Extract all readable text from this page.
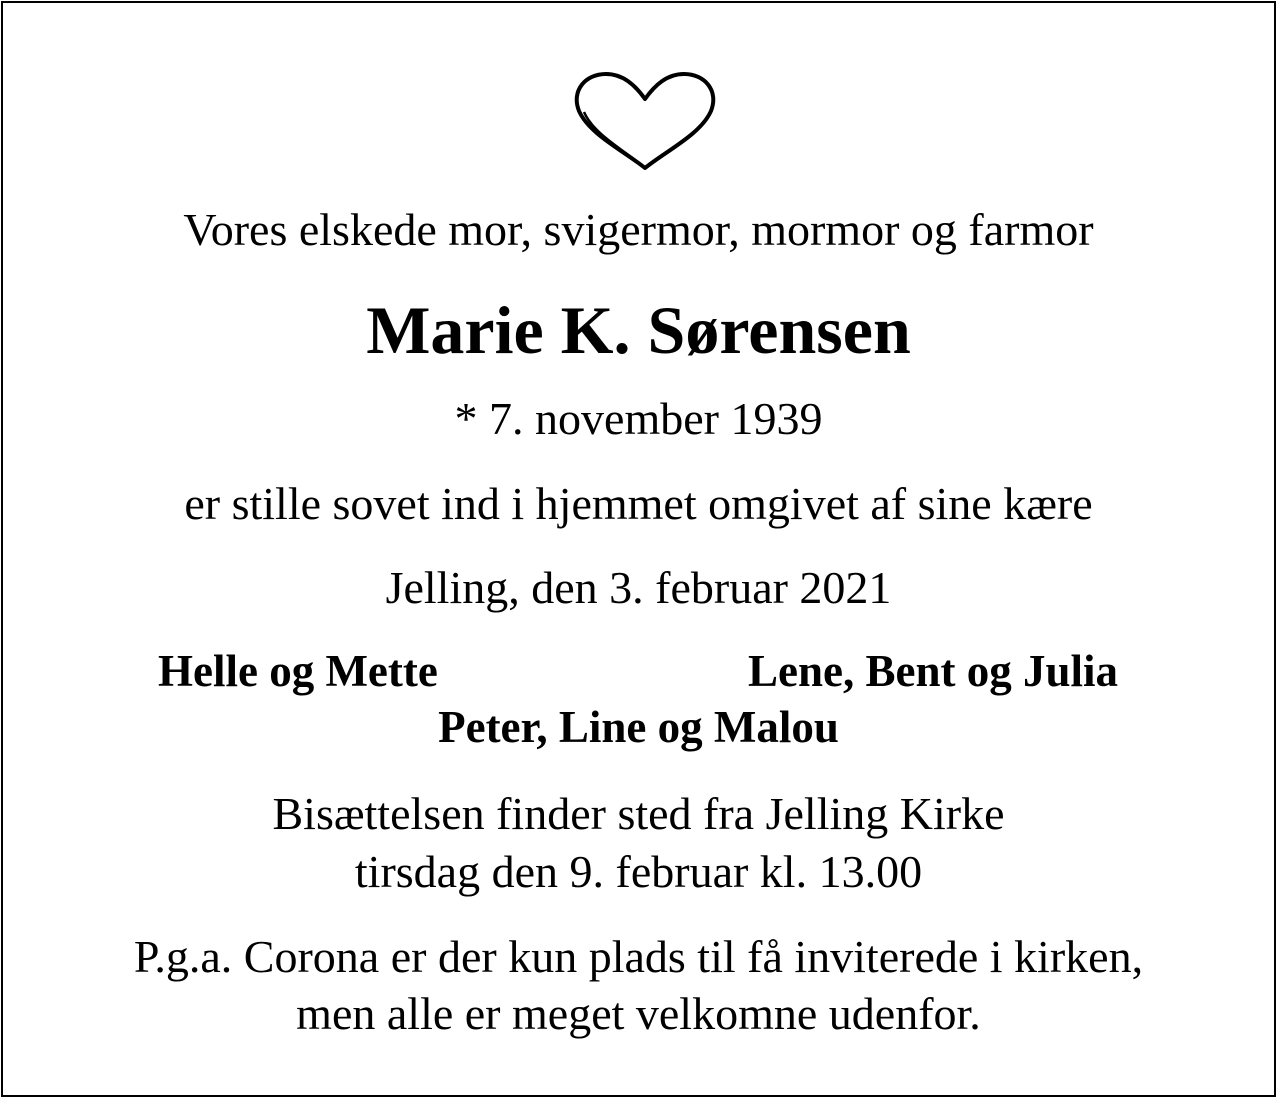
Vores elskede mor, svigermor, mormor og farmor
Marie K. Sørensen
* 7. november 1939
er stille sovet ind i hjemmet omgivet af sine kære
Jelling, den 3. februar 2021
Helle og Mette	Lene, Bent og Julia
Peter, Line og Malou
Bisættelsen finder sted fra Jelling Kirke
tirsdag den 9. februar kl. 13.00
P.g.a. Corona er der kun plads til få inviterede i kirken,
men alle er meget velkomne udenfor.
